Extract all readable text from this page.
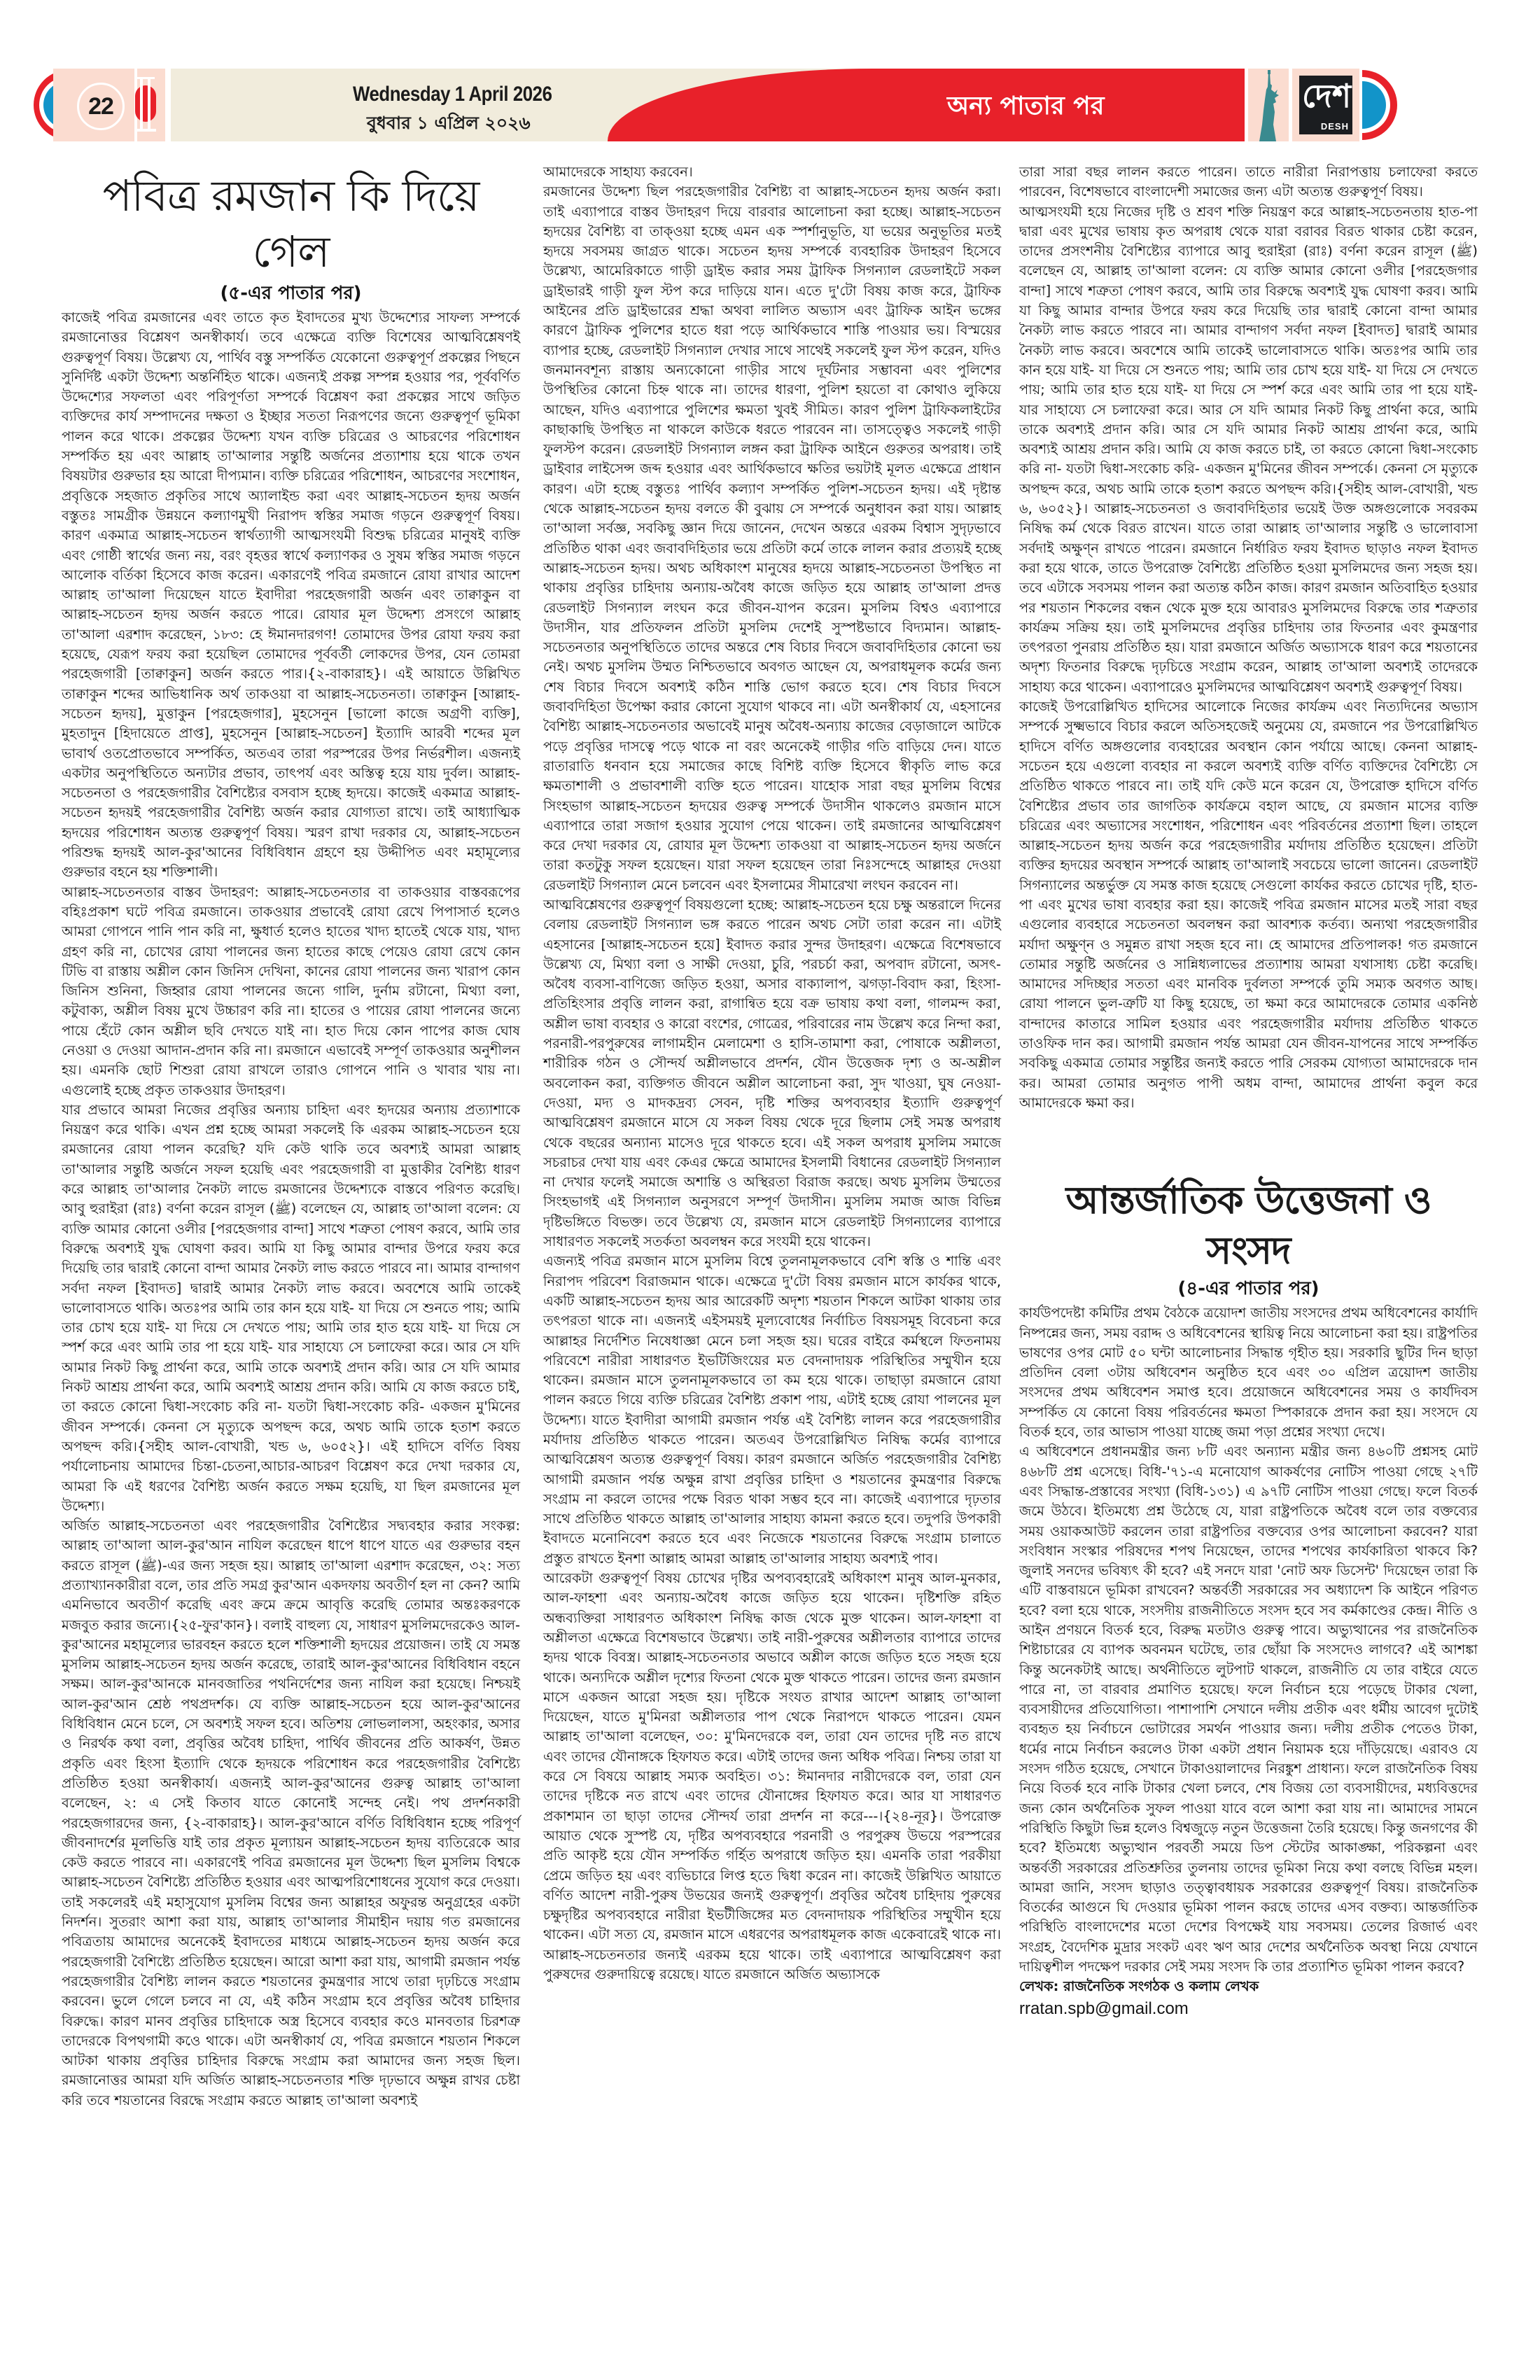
22	Wednesday 1 April 2026
বুধবার ১ এপ্রিল ২০২৬
অন্য পাতার পর	দেশ
DESH
পবিত্র রমজান কি দিয়ে গেল
(৫-এর পাতার পর)

কাজেই পবিত্র রমজানের এবং তাতে কৃত ইবাদতের মুখ্য উদ্দেশ্যের সাফল্য সম্পর্কে রমজানোত্তর বিশ্লেষণ অনস্বীকার্য। তবে এক্ষেত্রে ব্যক্তি বিশেষের আত্মবিশ্লেষণই গুরুত্বপূর্ণ বিষয়। উল্লেখ্য যে, পার্থিব বস্তু সম্পর্কিত যেকোনো গুরুত্বপূর্ণ প্রকল্পের পিছনে সুনির্দিষ্ট একটা উদ্দেশ্য অন্তর্নিহিত থাকে। এজন্যই প্রকল্প সম্পন্ন হওয়ার পর, পূর্ববর্ণিত উদ্দেশ্যের সফলতা এবং পরিপূর্ণতা সম্পর্কে বিশ্লেষণ করা প্রকল্পের সাথে জড়িত ব্যক্তিদের কার্য সম্পাদনের দক্ষতা ও ইচ্ছার সততা নিরূপণের জন্যে গুরুত্বপূর্ণ ভূমিকা পালন করে থাকে। প্রকল্পের উদ্দেশ্য যখন ব্যক্তি চরিত্রের ও আচরণের পরিশোধন সম্পর্কিত হয় এবং আল্লাহ তা'আলার সন্তুষ্টি অর্জনের প্রত্যাশায় হয়ে থাকে তখন বিষয়টার গুরুভার হয় আরো দীপ্যমান। ব্যক্তি চরিত্রের পরিশোধন, আচরণের সংশোধন, প্রবৃত্তিকে সহজাত প্রকৃতির সাথে অ্যালাইন্ড করা এবং আল্লাহ-সচেতন হৃদয় অর্জন বস্তুতঃ সামগ্রীক উন্নয়নে কল্যাণমুখী নিরাপদ স্বস্তির সমাজ গড়নে গুরুত্বপূর্ণ বিষয়। কারণ একমাত্র আল্লাহ-সচেতন স্বার্থত্যাগী আত্মসংযমী বিশুদ্ধ চরিত্রের মানুষই ব্যক্তি এবং গোষ্ঠী স্বার্থের জন্য নয়, বরং বৃহত্তর স্বার্থে কল্যাণকর ও সুষম স্বস্তির সমাজ গড়নে আলোক বর্তিকা হিসেবে কাজ করেন। একারণেই পবিত্র রমজানে রোযা রাখার আদেশ আল্লাহ তা'আলা দিয়েছেন যাতে ইবাদীরা পরহেজগারী অর্জন এবং তাক্বাকুন বা আল্লাহ-সচেতন হৃদয় অর্জন করতে পারে। রোযার মূল উদ্দেশ্য প্রসংগে আল্লাহ তা'আলা এরশাদ করেছেন, ১৮৩: হে ঈমানদারগণ! তোমাদের উপর রোযা ফরয করা হয়েছে, যেরূপ ফরয করা হয়েছিল তোমাদের পূর্ববর্তী লোকদের উপর, যেন তোমরা পরহেজগারী [তাক্বাকুন] অর্জন করতে পার।{২-বাকারাহ}। এই আয়াতে উল্লিখিত তাক্বাকুন শব্দের আভিধানিক অর্থ তাকওয়া বা আল্লাহ-সচেতনতা। তাক্বাকুন [আল্লাহ-সচেতন হৃদয়], মুত্তাকুন [পরহেজগার], মুহসেনুন [ভালো কাজে অগ্রণী ব্যক্তি], মুহতাদুন [হিদায়েতে প্রাপ্ত], মুহসেনুন [আল্লাহ-সচেতন] ইত্যাদি আরবী শব্দের মূল ভাবার্থ ওতপ্রোতভাবে সম্পর্কিত, অতএব তারা পরস্পরের উপর নির্ভরশীল। এজন্যই একটার অনুপস্থিতিতে অন্যটার প্রভাব, তাৎপর্য এবং অস্তিত্ব হয়ে যায় দুর্বল। আল্লাহ-সচেতনতা ও পরহেজগারীর বৈশিষ্ট্যের বসবাস হচ্ছে হৃদয়ে। কাজেই একমাত্র আল্লাহ-সচেতন হৃদয়ই পরহেজগারীর বৈশিষ্ট্য অর্জন করার যোগ্যতা রাখে। তাই আধ্যাত্মিক হৃদয়ের পরিশোধন অত্যন্ত গুরুত্বপূর্ণ বিষয়। স্মরণ রাখা দরকার যে, আল্লাহ-সচেতন পরিশুদ্ধ হৃদয়ই আল-কুর'আনের বিধিবিধান গ্রহণে হয় উদ্দীপিত এবং মহামূল্যের গুরুভার বহনে হয় শক্তিশালী।

আল্লাহ-সচেতনতার বাস্তব উদাহরণ: আল্লাহ-সচেতনতার বা তাকওয়ার বাস্তবরূপের বহিঃপ্রকাশ ঘটে পবিত্র রমজানে। তাকওয়ার প্রভাবেই রোযা রেখে পিপাসার্ত হলেও আমরা গোপনে পানি পান করি না, ক্ষুধার্ত হলেও হাতের খাদ্য হাতেই থেকে যায়, খাদ্য গ্রহণ করি না, চোখের রোযা পালনের জন্য হাতের কাছে পেয়েও রোযা রেখে কোন টিভি বা রাস্তায় অশ্লীল কোন জিনিস দেখিনা, কানের রোযা পালনের জন্য খারাপ কোন জিনিস শুনিনা, জিহ্বার রোযা পালনের জন্যে গালি, দুর্নাম রটানো, মিথ্যা বলা, কটুবাক্য, অশ্লীল বিষয় মুখে উচ্চারণ করি না। হাতের ও পায়ের রোযা পালনের জন্যে পায়ে হেঁটে কোন অশ্লীল ছবি দেখতে যাই না। হাত দিয়ে কোন পাপের কাজ ঘোষ নেওয়া ও দেওয়া আদান-প্রদান করি না। রমজানে এভাবেই সম্পূর্ণ তাকওয়ার অনুশীলন হয়। এমনকি ছোট শিশুরা রোযা রাখলে তারাও গোপনে পানি ও খাবার খায় না। এগুলোই হচ্ছে প্রকৃত তাকওয়ার উদাহরণ।

যার প্রভাবে আমরা নিজের প্রবৃত্তির অন্যায় চাহিদা এবং হৃদয়ের অন্যায় প্রত্যাশাকে নিয়ন্ত্রণ করে থাকি। এখন প্রশ্ন হচ্ছে আমরা সকলেই কি এরকম আল্লাহ-সচেতন হয়ে রমজানের রোযা পালন করেছি? যদি কেউ থাকি তবে অবশ্যই আমরা আল্লাহ তা'আলার সন্তুষ্টি অর্জনে সফল হয়েছি এবং পরহেজগারী বা মুত্তাকীর বৈশিষ্ট্য ধারণ করে আল্লাহ তা'আলার নৈকট্য লাভে রমজানের উদ্দেশ্যকে বাস্তবে পরিণত করেছি। আবু হুরাইরা (রাঃ) বর্ণনা করেন রাসূল (ﷺ) বলেছেন যে, আল্লাহ তা'আলা বলেন: যে ব্যক্তি আমার কোনো ওলীর [পরহেজগার বান্দা] সাথে শত্রুতা পোষণ করবে, আমি তার বিরুদ্ধে অবশ্যই যুদ্ধ ঘোষণা করব। আমি যা কিছু আমার বান্দার উপরে ফরয করে দিয়েছি তার দ্বারাই কোনো বান্দা আমার নৈকট্য লাভ করতে পারবে না। আমার বান্দাগণ সর্বদা নফল [ইবাদত] দ্বারাই আমার নৈকট্য লাভ করবে। অবশেষে আমি তাকেই ভালোবাসতে থাকি। অতঃপর আমি তার কান হয়ে যাই- যা দিয়ে সে শুনতে পায়; আমি তার চোখ হয়ে যাই- যা দিয়ে সে দেখতে পায়; আমি তার হাত হয়ে যাই- যা দিয়ে সে স্পর্শ করে এবং আমি তার পা হয়ে যাই- যার সাহায্যে সে চলাফেরা করে। আর সে যদি আমার নিকট কিছু প্রার্থনা করে, আমি তাকে অবশ্যই প্রদান করি। আর সে যদি আমার নিকট আশ্রয় প্রার্থনা করে, আমি অবশ্যই আশ্রয় প্রদান করি। আমি যে কাজ করতে চাই, তা করতে কোনো দ্বিধা-সংকোচ করি না- যতটা দ্বিধা-সংকোচ করি- একজন মু'মিনের জীবন সম্পর্কে। কেননা সে মৃত্যুকে অপছন্দ করে, অথচ আমি তাকে হতাশ করতে অপছন্দ করি।{সহীহ আল-বোখারী, খন্ড ৬, ৬০৫২}। এই হাদিসে বর্ণিত বিষয় পর্যালোচনায় আমাদের চিন্তা-চেতনা,আচার-আচরণ বিশ্লেষণ করে দেখা দরকার যে, আমরা কি এই ধরণের বৈশিষ্ট্য অর্জন করতে সক্ষম হয়েছি, যা ছিল রমজানের মূল উদ্দেশ্য।

অর্জিত আল্লাহ-সচেতনতা এবং পরহেজগারীর বৈশিষ্ট্যের সদ্ব্যবহার করার সংকল্প: আল্লাহ তা'আলা আল-কুর'আন নাযিল করেছেন ধাপে ধাপে যাতে এর গুরুভার বহন করতে রাসূল (ﷺ)-এর জন্য সহজ হয়। আল্লাহ তা'আলা এরশাদ করেছেন, ৩২: সত্য প্রত্যাখ্যানকারীরা বলে, তার প্রতি সমগ্র কুর'আন একদফায় অবতীর্ণ হল না কেন? আমি এমনিভাবে অবতীর্ণ করেছি এবং ক্রমে ক্রমে আবৃত্তি করেছি তোমার অন্তঃকরণকে মজবুত করার জন্যে।{২৫-ফুর'কান}। বলাই বাহুল্য যে, সাধারণ মুসলিমদেরকেও আল-কুর'আনের মহামূল্যের ভারবহন করতে হলে শক্তিশালী হৃদয়ের প্রয়োজন। তাই যে সমস্ত মুসলিম আল্লাহ-সচেতন হৃদয় অর্জন করেছে, তারাই আল-কুর'আনের বিধিবিধান বহনে সক্ষম। আল-কুর'আনকে মানবজাতির পথনির্দেশের জন্য নাযিল করা হয়েছে। নিশ্চয়ই আল-কুর'আন শ্রেষ্ঠ পথপ্রদর্শক। যে ব্যক্তি আল্লাহ-সচেতন হয়ে আল-কুর'আনের বিধিবিধান মেনে চলে, সে অবশ্যই সফল হবে। অতিশয় লোভলালসা, অহংকার, অসার ও নিরর্থক কথা বলা, প্রবৃত্তির অবৈধ চাহিদা, পার্থিব জীবনের প্রতি আকর্ষণ, উন্নত প্রকৃতি এবং হিংসা ইত্যাদি থেকে হৃদয়কে পরিশোধন করে পরহেজগারীর বৈশিষ্ট্যে প্রতিষ্ঠিত হওয়া অনস্বীকার্য। এজন্যই আল-কুর'আনের গুরুত্ব আল্লাহ তা'আলা বলেছেন, ২: এ সেই কিতাব যাতে কোনোই সন্দেহ নেই। পথ প্রদর্শনকারী পরহেজগারদের জন্য, {২-বাকারাহ}। আল-কুর'আনে বর্ণিত বিধিবিধান হচ্ছে পরিপূর্ণ জীবনাদর্শের মূলভিত্তি যাই তার প্রকৃত মূল্যায়ন আল্লাহ-সচেতন হৃদয় ব্যতিরেকে আর কেউ করতে পারবে না। একারণেই পবিত্র রমজানের মূল উদ্দেশ্য ছিল মুসলিম বিশ্বকে আল্লাহ-সচেতন বৈশিষ্ট্যে প্রতিষ্ঠিত হওয়ার এবং আত্মপরিশোধনের সুযোগ করে দেওয়া। তাই সকলেরই এই মহাসুযোগ মুসলিম বিশ্বের জন্য আল্লাহর অফুরন্ত অনুগ্রহের একটা নিদর্শন। সুতরাং আশা করা যায়, আল্লাহ তা'আলার সীমাহীন দয়ায় গত রমজানের পবিত্রতায় আমাদের অনেকেই ইবাদতের মাধ্যমে আল্লাহ-সচেতন হৃদয় অর্জন করে পরহেজগারী বৈশিষ্ট্যে প্রতিষ্ঠিত হয়েছেন। আরো আশা করা যায়, আগামী রমজান পর্যন্ত পরহেজগারীর বৈশিষ্ট্য লালন করতে শয়তানের কুমন্ত্রণার সাথে তারা দৃঢ়চিত্তে সংগ্রাম করবেন। ভুলে গেলে চলবে না যে, এই কঠিন সংগ্রাম হবে প্রবৃত্তির অবৈধ চাহিদার বিরুদ্ধে। কারণ মানব প্রবৃত্তির চাহিদাকে অস্ত্র হিসেবে ব্যবহার কওে মানবতার চিরশত্রু তাদেরকে বিপথগামী কওে থাকে। এটা অনস্বীকার্য যে, পবিত্র রমজানে শয়তান শিকলে আটকা থাকায় প্রবৃত্তির চাহিদার বিরুদ্ধে সংগ্রাম করা আমাদের জন্য সহজ ছিল। রমজানোত্তর আমরা যদি অর্জিত আল্লাহ-সচেতনতার শক্তি দৃঢ়ভাবে অক্ষুন্ন রাখর চেষ্টা করি তবে শয়তানের বিরদ্ধে সংগ্রাম করতে আল্লাহ তা'আলা অবশ্যই

আমাদেরকে সাহায্য করবেন।

রমজানের উদ্দেশ্য ছিল পরহেজগারীর বৈশিষ্ট্য বা আল্লাহ-সচেতন হৃদয় অর্জন করা। তাই এব্যাপারে বাস্তব উদাহরণ দিয়ে বারবার আলোচনা করা হচ্ছে। আল্লাহ-সচেতন হৃদয়ের বৈশিষ্ট্য বা তাক্ওয়া হচ্ছে এমন এক স্পর্শানুভূতি, যা ভয়ের অনুভূতির মতই হৃদয়ে সবসময় জাগ্রত থাকে। সচেতন হৃদয় সম্পর্কে ব্যবহারিক উদাহরণ হিসেবে উল্লেখ্য, আমেরিকাতে গাড়ী ড্রাইভ করার সময় ট্রাফিক সিগন্যাল রেডলাইটে সকল ড্রাইভারই গাড়ী ফুল স্টপ করে দাড়িয়ে যান। এতে দু'টো বিষয় কাজ করে, ট্রাফিক আইনের প্রতি ড্রাইভারের শ্রদ্ধা অথবা লালিত অভ্যাস এবং ট্রাফিক আইন ভঙ্গের কারণে ট্রাফিক পুলিশের হাতে ধরা পড়ে আর্থিকভাবে শাস্তি পাওয়ার ভয়। বিস্ময়ের ব্যাপার হচ্ছে, রেডলাইট সিগন্যাল দেখার সাথে সাথেই সকলেই ফুল স্টপ করেন, যদিও জনমানবশূন্য রাস্তায় অন্যকোনো গাড়ীর সাথে দূর্ঘটনার সম্ভাবনা এবং পুলিশের উপস্থিতির কোনো চিহ্ন থাকে না। তাদের ধারণা, পুলিশ হয়তো বা কোথাও লুকিয়ে আছেন, যদিও এব্যাপারে পুলিশের ক্ষমতা খুবই সীমিত। কারণ পুলিশ ট্রাফিকলাইটের কাছাকাছি উপস্থিত না থাকলে কাউকে ধরতে পারবেন না। তাসত্ত্বেও সকলেই গাড়ী ফুলস্টপ করেন। রেডলাইট সিগন্যাল লঙ্গন করা ট্রাফিক আইনে গুরুতর অপরাধ। তাই ড্রাইবার লাইসেন্স জব্দ হওয়ার এবং আর্থিকভাবে ক্ষতির ভয়টাই মূলত এক্ষেত্রে প্রাধান কারণ। এটা হচ্ছে বস্তুতঃ পার্থিব কল্যাণ সম্পর্কিত পুলিশ-সচেতন হৃদয়। এই দৃষ্টান্ত থেকে আল্লাহ-সচেতন হৃদয় বলতে কী বুঝায় সে সম্পর্কে অনুধাবন করা যায়। আল্লাহ তা'আলা সর্বজ্ঞ, সবকিছু জ্ঞান দিয়ে জানেন, দেখেন অন্তরে এরকম বিশ্বাস সুদৃঢ়ভাবে প্রতিষ্ঠিত থাকা এবং জবাবদিহিতার ভয়ে প্রতিটা কর্মে তাকে লালন করার প্রত্যয়ই হচ্ছে আল্লাহ-সচেতন হৃদয়। অথচ অধিকাংশ মানুষের হৃদয়ে আল্লাহ-সচেতনতা উপস্থিত না থাকায় প্রবৃত্তির চাহিদায় অন্যায়-অবৈধ কাজে জড়িত হয়ে আল্লাহ তা'আলা প্রদত্ত রেডলাইট সিগন্যাল লংঘন করে জীবন-যাপন করেন। মুসলিম বিশ্বও এব্যাপারে উদাসীন, যার প্রতিফলন প্রতিটা মুসলিম দেশেই সুস্পষ্টভাবে বিদ্যমান। আল্লাহ-সচেতনতার অনুপস্থিতিতে তাদের অন্তরে শেষ বিচার দিবসে জবাবদিহিতার কোনো ভয় নেই। অথচ মুসলিম উম্মত নিশ্চিতভাবে অবগত আছেন যে, অপরাধমূলক কর্মের জন্য শেষ বিচার দিবসে অবশ্যই কঠিন শাস্তি ভোগ করতে হবে। শেষ বিচার দিবসে জবাবদিহিতা উপেক্ষা করার কোনো সুযোগ থাকবে না। এটা অনস্বীকার্য যে, এহসানের বৈশিষ্ট্য আল্লাহ-সচেতনতার অভাবেই মানুষ অবৈধ-অন্যায় কাজের বেড়াজালে আটকে পড়ে প্রবৃত্তির দাসত্বে পড়ে থাকে না বরং অনেকেই গাড়ীর গতি বাড়িয়ে দেন। যাতে রাতারাতি ধনবান হয়ে সমাজের কাছে বিশিষ্ট ব্যক্তি হিসেবে স্বীকৃতি লাভ করে ক্ষমতাশালী ও প্রভাবশালী ব্যক্তি হতে পারেন। যাহোক সারা বছর মুসলিম বিশ্বের সিংহভাগ আল্লাহ-সচেতন হৃদয়ের গুরুত্ব সম্পর্কে উদাসীন থাকলেও রমজান মাসে এব্যাপারে তারা সজাগ হওয়ার সুযোগ পেয়ে থাকেন। তাই রমজানের আত্মবিশ্লেষণ করে দেখা দরকার যে, রোযার মূল উদ্দেশ্য তাকওয়া বা আল্লাহ-সচেতন হৃদয় অর্জনে তারা কতটুকু সফল হয়েছেন। যারা সফল হয়েছেন তারা নিঃসন্দেহে আল্লাহর দেওয়া রেডলাইট সিগন্যাল মেনে চলবেন এবং ইসলামের সীমারেখা লংঘন করবেন না।

আত্মবিশ্লেষণের গুরুত্বপূর্ণ বিষয়গুলো হচ্ছে: আল্লাহ-সচেতন হয়ে চক্ষু অন্তরালে দিনের বেলায় রেডলাইট সিগন্যাল ভঙ্গ করতে পারেন অথচ সেটা তারা করেন না। এটাই এহসানের [আল্লাহ-সচেতন হয়ে] ইবাদত করার সুন্দর উদাহরণ। এক্ষেত্রে বিশেষভাবে উল্লেখ্য যে, মিথ্যা বলা ও সাক্ষী দেওয়া, চুরি, পরচর্চা করা, অপবাদ রটানো, অসৎ-অবৈধ ব্যবসা-বাণিজ্যে জড়িত হওয়া, অসার বাক্যালাপ, ঝগড়া-বিবাদ করা, হিংসা-প্রতিহিংসার প্রবৃত্তি লালন করা, রাগান্বিত হয়ে বক্র ভাষায় কথা বলা, গালমন্দ করা, অশ্লীল ভাষা ব্যবহার ও কারো বংশের, গোত্রের, পরিবারের নাম উল্লেখ করে নিন্দা করা, পরনারী-পরপুরুষের লাগামহীন মেলামেশা ও হাসি-তামাশা করা, পোষাকে অশ্লীলতা, শারীরিক গঠন ও সৌন্দর্য অশ্লীলভাবে প্রদর্শন, যৌন উত্তেজক দৃশ্য ও অ-অশ্লীল অবলোকন করা, ব্যক্তিগত জীবনে অশ্লীল আলোচনা করা, সুদ খাওয়া, ঘুষ নেওয়া-দেওয়া, মদ্য ও মাদকদ্রব্য সেবন, দৃষ্টি শক্তির অপব্যবহার ইত্যাদি গুরুত্বপূর্ণ আত্মবিশ্লেষণ রমজানে মাসে যে সকল বিষয় থেকে দূরে ছিলাম সেই সমস্ত অপরাধ থেকে বছরের অন্যান্য মাসেও দূরে থাকতে হবে। এই সকল অপরাধ মুসলিম সমাজে সচরাচর দেখা যায় এবং কেএর ক্ষেত্রে আমাদের ইসলামী বিধানের রেডলাইট সিগন্যাল না দেখার ফলেই সমাজে অশান্তি ও অস্থিরতা বিরাজ করছে। অথচ মুসলিম উম্মতের সিংহভাগই এই সিগন্যাল অনুসরণে সম্পূর্ণ উদাসীন। মুসলিম সমাজ আজ বিভিন্ন দৃষ্টিভঙ্গিতে বিভক্ত। তবে উল্লেখ্য যে, রমজান মাসে রেডলাইট সিগন্যালের ব্যাপারে সাধারণত সকলেই সতর্কতা অবলম্বন করে সংযমী হয়ে থাকেন।

এজন্যই পবিত্র রমজান মাসে মুসলিম বিশ্বে তুলনামূলকভাবে বেশি স্বস্তি ও শান্তি এবং নিরাপদ পরিবেশ বিরাজমান থাকে। এক্ষেত্রে দু'টো বিষয় রমজান মাসে কার্যকর থাকে, একটি আল্লাহ-সচেতন হৃদয় আর আরেকটি অদৃশ্য শয়তান শিকলে আটকা থাকায় তার তৎপরতা থাকে না। এজন্যই এইসময়ই মূল্যবোধের নির্বাচিত বিষয়সমূহ বিবেচনা করে আল্লাহর নির্দেশিত নিষেধাজ্ঞা মেনে চলা সহজ হয়। ঘরের বাইরে কর্মস্থলে ফিতনাময় পরিবেশে নারীরা সাধারণত ইভটিজিংয়ের মত বেদনাদায়ক পরিস্থিতির সম্মুখীন হয়ে থাকেন। রমজান মাসে তুলনামূলকভাবে তা কম হয়ে থাকে। তাছাড়া রমজানে রোযা পালন করতে গিয়ে ব্যক্তি চরিত্রের বৈশিষ্ট্য প্রকাশ পায়, এটাই হচ্ছে রোযা পালনের মূল উদ্দেশ্য। যাতে ইবাদীরা আগামী রমজান পর্যন্ত এই বৈশিষ্ট্য লালন করে পরহেজগারীর মর্যাদায় প্রতিষ্ঠিত থাকতে পারেন। অতএব উপরোল্লিখিত নিষিদ্ধ কর্মের ব্যাপারে আত্মবিশ্লেষণ অত্যন্ত গুরুত্বপূর্ণ বিষয়। কারণ রমজানে অর্জিত পরহেজগারীর বৈশিষ্ট্য আগামী রমজান পর্যন্ত অক্ষুন্ন রাখা প্রবৃত্তির চাহিদা ও শয়তানের কুমন্ত্রণার বিরুদ্ধে সংগ্রাম না করলে তাদের পক্ষে বিরত থাকা সম্ভব হবে না। কাজেই এব্যাপারে দৃঢ়তার সাথে প্রতিষ্ঠিত থাকতে আল্লাহ তা'আলার সাহায্য কামনা করতে হবে। তদুপরি উপকারী ইবাদতে মনোনিবেশ করতে হবে এবং নিজেকে শয়তানের বিরুদ্ধে সংগ্রাম চালাতে প্রস্তুত রাখতে ইনশা আল্লাহ আমরা আল্লাহ তা'আলার সাহায্য অবশ্যই পাব।

আরেকটা গুরুত্বপূর্ণ বিষয় চোখের দৃষ্টির অপব্যবহারেই অধিকাংশ মানুষ আল-মুনকার, আল-ফাহশা এবং অন্যায়-অবৈধ কাজে জড়িত হয়ে থাকেন। দৃষ্টিশক্তি রহিত অন্ধব্যক্তিরা সাধারণত অধিকাংশ নিষিদ্ধ কাজ থেকে মুক্ত থাকেন। আল-ফাহশা বা অশ্লীলতা এক্ষেত্রে বিশেষভাবে উল্লেখ্য। তাই নারী-পুরুষের অশ্লীলতার ব্যাপারে তাদের হৃদয় থাকে বিবস্ত্র। আল্লাহ-সচেতনতার অভাবে অশ্লীল কাজে জড়িত হতে সহজ হয়ে থাকে। অন্যদিকে অশ্লীল দৃশ্যের ফিতনা থেকে মুক্ত থাকতে পারেন। তাদের জন্য রমজান মাসে একজন আরো সহজ হয়। দৃষ্টিকে সংযত রাখার আদেশ আল্লাহ তা'আলা দিয়েছেন, যাতে মু'মিনরা অশ্লীলতার পাপ থেকে নিরাপদে থাকতে পারেন। যেমন আল্লাহ তা'আলা বলেছেন, ৩০: মু'মিনদেরকে বল, তারা যেন তাদের দৃষ্টি নত রাখে এবং তাদের যৌনাঙ্গকে হিফাযত করে। এটাই তাদের জন্য অধিক পবিত্র। নিশ্চয় তারা যা করে সে বিষয়ে আল্লাহ সম্যক অবহিত। ৩১: ঈমানদার নারীদেরকে বল, তারা যেন তাদের দৃষ্টিকে নত রাখে এবং তাদের যৌনাঙ্গের হিফাযত করে। আর যা সাধারণত প্রকাশমান তা ছাড়া তাদের সৌন্দর্য তারা প্রদর্শন না করে---।{২৪-নূর}। উপরোক্ত আয়াত থেকে সুস্পষ্ট যে, দৃষ্টির অপব্যবহারে পরনারী ও পরপুরুষ উভয়ে পরস্পরের প্রতি আকৃষ্ট হয়ে যৌন সম্পর্কিত গর্হিত অপরাধে জড়িত হয়। এমনকি তারা পরকীয়া প্রেমে জড়িত হয় এবং ব্যভিচারে লিপ্ত হতে দ্বিধা করেন না। কাজেই উল্লিখিত আয়াতে বর্ণিত আদেশ নারী-পুরুষ উভয়ের জন্যই গুরুত্বপূর্ণ। প্রবৃত্তির অবৈধ চাহিদায় পুরুষের চক্ষুদৃষ্টির অপব্যবহারে নারীরা ইভটীজিঙ্গের মত বেদনাদায়ক পরিস্থিতির সম্মুখীন হয়ে থাকেন। এটা সত্য যে, রমজান মাসে এধরণের অপরাধমূলক কাজ একেবারেই থাকে না। আল্লাহ-সচেতনতার জন্যই এরকম হয়ে থাকে। তাই এব্যাপারে আত্মবিশ্লেষণ করা পুরুষদের গুরুদায়িত্বে রয়েছে। যাতে রমজানে অর্জিত অভ্যাসকে

তারা সারা বছর লালন করতে পারেন। তাতে নারীরা নিরাপত্তায় চলাফেরা করতে পারবেন, বিশেষভাবে বাংলাদেশী সমাজের জন্য এটা অত্যন্ত গুরুত্বপূর্ণ বিষয়।

আত্মসংযমী হয়ে নিজের দৃষ্টি ও শ্রবণ শক্তি নিয়ন্ত্রণ করে আল্লাহ-সচেতনতায় হাত-পা দ্বারা এবং মুখের ভাষায় কৃত অপরাধ থেকে যারা বরাবর বিরত থাকার চেষ্টা করেন, তাদের প্রসংশনীয় বৈশিষ্ট্যের ব্যাপারে আবু হুরাইরা (রাঃ) বর্ণনা করেন রাসূল (ﷺ) বলেছেন যে, আল্লাহ তা'আলা বলেন: যে ব্যক্তি আমার কোনো ওলীর [পরহেজগার বান্দা] সাথে শত্রুতা পোষণ করবে, আমি তার বিরুদ্ধে অবশ্যই যুদ্ধ ঘোষণা করব। আমি যা কিছু আমার বান্দার উপরে ফরয করে দিয়েছি তার দ্বারাই কোনো বান্দা আমার নৈকট্য লাভ করতে পারবে না। আমার বান্দাগণ সর্বদা নফল [ইবাদত] দ্বারাই আমার নৈকট্য লাভ করবে। অবশেষে আমি তাকেই ভালোবাসতে থাকি। অতঃপর আমি তার কান হয়ে যাই- যা দিয়ে সে শুনতে পায়; আমি তার চোখ হয়ে যাই- যা দিয়ে সে দেখতে পায়; আমি তার হাত হয়ে যাই- যা দিয়ে সে স্পর্শ করে এবং আমি তার পা হয়ে যাই- যার সাহায্যে সে চলাফেরা করে। আর সে যদি আমার নিকট কিছু প্রার্থনা করে, আমি তাকে অবশ্যই প্রদান করি। আর সে যদি আমার নিকট আশ্রয় প্রার্থনা করে, আমি অবশ্যই আশ্রয় প্রদান করি। আমি যে কাজ করতে চাই, তা করতে কোনো দ্বিধা-সংকোচ করি না- যতটা দ্বিধা-সংকোচ করি- একজন মু'মিনের জীবন সম্পর্কে। কেননা সে মৃত্যুকে অপছন্দ করে, অথচ আমি তাকে হতাশ করতে অপছন্দ করি।{সহীহ আল-বোখারী, খন্ড ৬, ৬০৫২}। আল্লাহ-সচেতনতা ও জবাবদিহিতার ভয়েই উক্ত অঙ্গগুলোকে সবরকম নিষিদ্ধ কর্ম থেকে বিরত রাখেন। যাতে তারা আল্লাহ তা'আলার সন্তুষ্টি ও ভালোবাসা সর্বদাই অক্ষুণ্ন রাখতে পারেন। রমজানে নির্ধারিত ফরয ইবাদত ছাড়াও নফল ইবাদত করা হয়ে থাকে, তাতে উপরোক্ত বৈশিষ্ট্যে প্রতিষ্ঠিত হওয়া মুসলিমদের জন্য সহজ হয়। তবে এটাকে সবসময় পালন করা অত্যন্ত কঠিন কাজ। কারণ রমজান অতিবাহিত হওয়ার পর শয়তান শিকলের বন্ধন থেকে মুক্ত হয়ে আবারও মুসলিমদের বিরুদ্ধে তার শত্রুতার কার্যক্রম সক্রিয় হয়। তাই মুসলিমদের প্রবৃত্তির চাহিদায় তার ফিতনার এবং কুমন্ত্রণার তৎপরতা পুনরায় প্রতিষ্ঠিত হয়। যারা রমজানে অর্জিত অভ্যাসকে ধারণ করে শয়তানের অদৃশ্য ফিতনার বিরুদ্ধে দৃঢ়চিত্তে সংগ্রাম করেন, আল্লাহ তা'আলা অবশ্যই তাদেরকে সাহায্য করে থাকেন। এব্যাপারেও মুসলিমদের আত্মবিশ্লেষণ অবশ্যই গুরুত্বপূর্ণ বিষয়।

কাজেই উপরোল্লিখিত হাদিসের আলোকে নিজের কার্যক্রম এবং নিত্যদিনের অভ্যাস সম্পর্কে সুক্ষ্মভাবে বিচার করলে অতিসহজেই অনুমেয় যে, রমজানে পর উপরোল্লিখিত হাদিসে বর্ণিত অঙ্গগুলোর ব্যবহারের অবস্থান কোন পর্যায়ে আছে। কেননা আল্লাহ-সচেতন হয়ে এগুলো ব্যবহার না করলে অবশ্যই ব্যক্তি বর্ণিত ব্যক্তিদের বৈশিষ্ট্যে সে প্রতিষ্ঠিত থাকতে পারবে না। তাই যদি কেউ মনে করেন যে, উপরোক্ত হাদিসে বর্ণিত বৈশিষ্ট্যের প্রভাব তার জাগতিক কার্যক্রমে বহাল আছে, যে রমজান মাসের ব্যক্তি চরিত্রের এবং অভ্যাসের সংশোধন, পরিশোধন এবং পরিবর্তনের প্রত্যাশা ছিল। তাহলে আল্লাহ-সচেতন হৃদয় অর্জন করে পরহেজগারীর মর্যাদায় প্রতিষ্ঠিত হয়েছেন। প্রতিটা ব্যক্তির হৃদয়ের অবস্থান সম্পর্কে আল্লাহ তা'আলাই সবচেয়ে ভালো জানেন। রেডলাইট সিগন্যালের অন্তর্ভুক্ত যে সমস্ত কাজ হয়েছে সেগুলো কার্যকর করতে চোখের দৃষ্টি, হাত-পা এবং মুখের ভাষা ব্যবহার করা হয়। কাজেই পবিত্র রমজান মাসের মতই সারা বছর এগুলোর ব্যবহারে সচেতনতা অবলম্বন করা আবশ্যক কর্তব্য। অন্যথা পরহেজগারীর মর্যাদা অক্ষুণ্ন ও সমুন্নত রাখা সহজ হবে না। হে আমাদের প্রতিপালক! গত রমজানে তোমার সন্তুষ্টি অর্জনের ও সান্নিধ্যলাভের প্রত্যাশায় আমরা যথাসাধ্য চেষ্টা করেছি। আমাদের সদিচ্ছার সততা এবং মানবিক দুর্বলতা সম্পর্কে তুমি সম্যক অবগত আছ। রোযা পালনে ভুল-ত্রুটি যা কিছু হয়েছে, তা ক্ষমা করে আমাদেরকে তোমার একনিষ্ঠ বান্দাদের কাতারে সামিল হওয়ার এবং পরহেজগারীর মর্যাদায় প্রতিষ্ঠিত থাকতে তাওফিক দান কর। আগামী রমজান পর্যন্ত আমরা যেন জীবন-যাপনের সাথে সম্পর্কিত সবকিছু একমাত্র তোমার সন্তুষ্টির জন্যই করতে পারি সেরকম যোগ্যতা আমাদেরকে দান কর। আমরা তোমার অনুগত পাপী অধম বান্দা, আমাদের প্রার্থনা কবুল করে আমাদেরকে ক্ষমা কর।

আন্তর্জাতিক উত্তেজনা ও সংসদ
(৪-এর পাতার পর)

কার্যউপদেষ্টা কমিটির প্রথম বৈঠকে ত্রয়োদশ জাতীয় সংসদের প্রথম অধিবেশনের কার্যাদি নিষ্পন্নের জন্য, সময় বরাদ্দ ও অধিবেশনের স্থায়িত্ব নিয়ে আলোচনা করা হয়। রাষ্ট্রপতির ভাষণের ওপর মোট ৫০ ঘন্টা আলোচনার সিদ্ধান্ত গৃহীত হয়। সরকারি ছুটির দিন ছাড়া প্রতিদিন বেলা ৩টায় অধিবেশন অনুষ্ঠিত হবে এবং ৩০ এপ্রিল ত্রয়োদশ জাতীয় সংসদের প্রথম অধিবেশন সমাপ্ত হবে। প্রয়োজনে অধিবেশনের সময় ও কার্যদিবস সম্পর্কিত যে কোনো বিষয় পরিবর্তনের ক্ষমতা স্পিকারকে প্রদান করা হয়। সংসদে যে বিতর্ক হবে, তার আভাস পাওয়া যাচ্ছে জমা পড়া প্রশ্নের সংখ্যা দেখে।

এ অধিবেশনে প্রধানমন্ত্রীর জন্য ৮টি এবং অন্যান্য মন্ত্রীর জন্য ৪৬০টি প্রশ্নসহ মোট ৪৬৮টি প্রশ্ন এসেছে। বিধি-'৭১-এ মনোযোগ আকর্ষণের নোটিস পাওয়া গেছে ২৭টি এবং সিদ্ধান্ত-প্রস্তাবের সংখ্যা (বিধি-১৩১) এ ৯৭টি নোটিস পাওয়া গেছে। ফলে বিতর্ক জমে উঠবে। ইতিমধ্যে প্রশ্ন উঠেছে যে, যারা রাষ্ট্রপতিকে অবৈধ বলে তার বক্তব্যের সময় ওয়াকআউট করলেন তারা রাষ্ট্রপতির বক্তব্যের ওপর আলোচনা করবেন? যারা সংবিধান সংস্কার পরিষদের শপথ নিয়েছেন, তাদের শপথের কার্যকারিতা থাকবে কি? জুলাই সনদের ভবিষ্যৎ কী হবে? এই সনদে যারা 'নোট অফ ডিসেন্ট' দিয়েছেন তারা কি এটি বাস্তবায়নে ভূমিকা রাখবেন? অন্তর্বর্তী সরকারের সব অধ্যাদেশ কি আইনে পরিণত হবে? বলা হয়ে থাকে, সংসদীয় রাজনীতিতে সংসদ হবে সব কর্মকাণ্ডের কেন্দ্র। নীতি ও আইন প্রণয়নে বিতর্ক হবে, বিরুদ্ধ মতটাও গুরুত্ব পাবে। অভ্যুত্থানের পর রাজনৈতিক শিষ্টাচারের যে ব্যাপক অবনমন ঘটেছে, তার ছোঁয়া কি সংসদেও লাগবে? এই আশঙ্কা কিন্তু অনেকটাই আছে। অর্থনীতিতে লুটপাট থাকলে, রাজনীতি যে তার বাইরে যেতে পারে না, তা বারবার প্রমাণিত হয়েছে। ফলে নির্বাচন হয়ে পড়েছে টাকার খেলা, ব্যবসায়ীদের প্রতিযোগিতা। পাশাপাশি সেখানে দলীয় প্রতীক এবং ধর্মীয় আবেগ দুটোই ব্যবহৃত হয় নির্বাচনে ভোটারের সমর্থন পাওয়ার জন্য। দলীয় প্রতীক পেতেও টাকা, ধর্মের নামে নির্বাচন করলেও টাকা একটা প্রধান নিয়ামক হয়ে দাঁড়িয়েছে। এরাবও যে সংসদ গঠিত হয়েছে, সেখানে টাকাওয়ালাদের নিরঙ্কুশ প্রাধান্য। ফলে রাজনৈতিক বিষয় নিয়ে বিতর্ক হবে নাকি টাকার খেলা চলবে, শেষ বিজয় তো ব্যবসায়ীদের, মধ্যবিত্তদের জন্য কোন অর্থনৈতিক সুফল পাওয়া যাবে বলে আশা করা যায় না। আমাদের সামনে পরিস্থিতি কিছুটা ভিন্ন হলেও বিশ্বজুড়ে নতুন উত্তেজনা তৈরি হয়েছে। কিন্তু জনগণের কী হবে? ইতিমধ্যে অভ্যুত্থান পরবর্তী সময়ে ডিপ স্টেটের আকাঙ্ক্ষা, পরিকল্পনা এবং অন্তর্বর্তী সরকারের প্রতিশ্রুতির তুলনায় তাদের ভূমিকা নিয়ে কথা বলছে বিভিন্ন মহল। আমরা জানি, সংসদ ছাড়াও তত্ত্বাবধায়ক সরকারের গুরুত্বপূর্ণ বিষয়। রাজনৈতিক বিতর্কের আগুনে ঘি দেওয়ার ভূমিকা পালন করছে তাদের এসব বক্তব্য। আন্তর্জাতিক পরিস্থিতি বাংলাদেশের মতো দেশের বিপক্ষেই যায় সবসময়। তেলের রিজার্ভ এবং সংগ্রহ, বৈদেশিক মুদ্রার সংকট এবং ঋণ আর দেশের অর্থনৈতিক অবস্থা নিয়ে যেখানে দায়িত্বশীল পদক্ষেপ দরকার সেই সময় সংসদ কি তার প্রত্যাশিত ভূমিকা পালন করবে?

লেখক: রাজনৈতিক সংগঠক ও কলাম লেখক

rratan.spb@gmail.com
